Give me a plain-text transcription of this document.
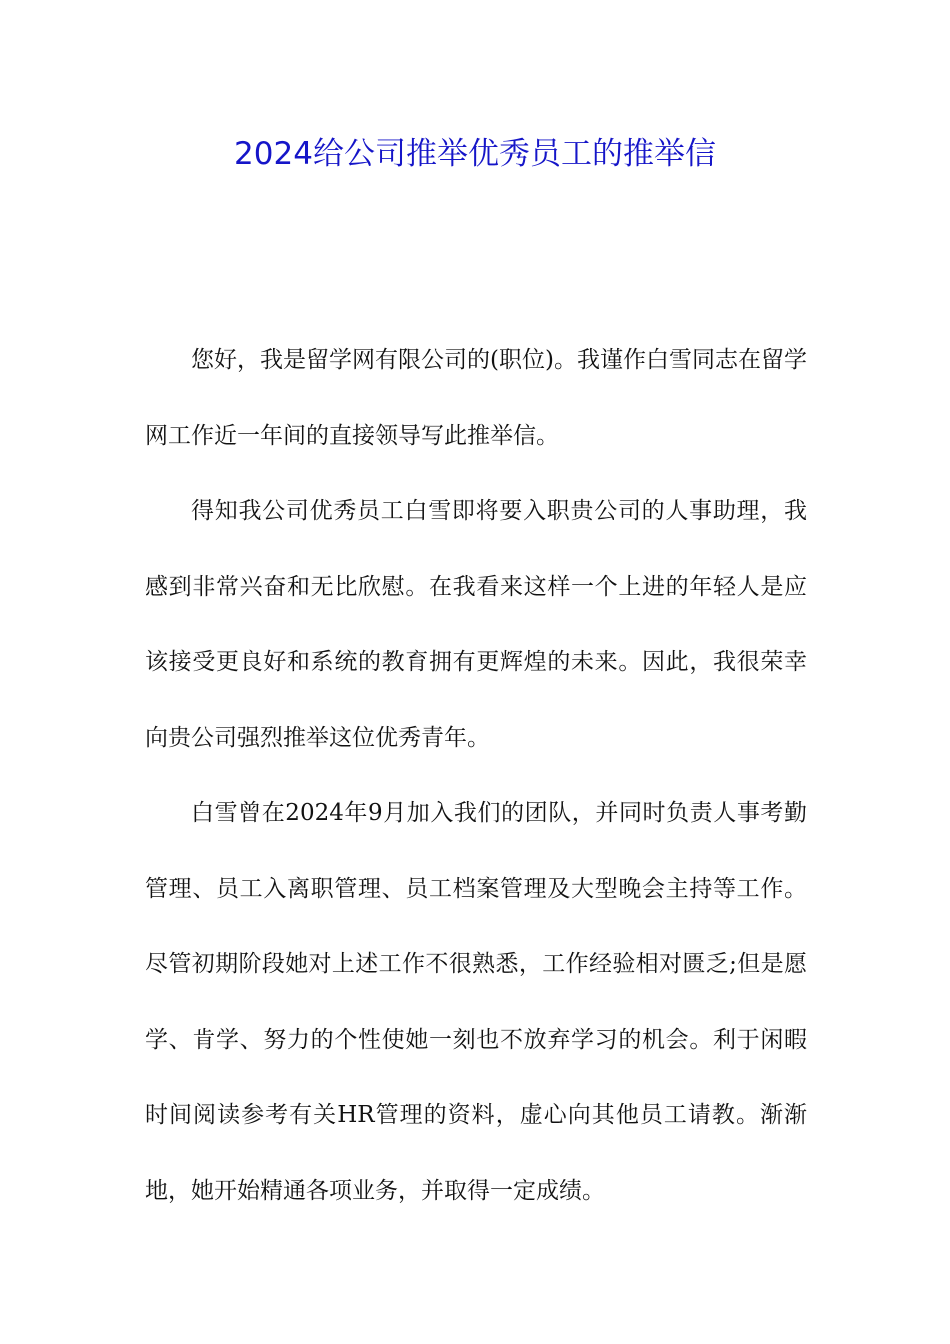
2024给公司推举优秀员工的推举信

您好，我是留学网有限公司的(职位)。我谨作白雪同志在留学网工作近一年间的直接领导写此推举信。

得知我公司优秀员工白雪即将要入职贵公司的人事助理，我感到非常兴奋和无比欣慰。在我看来这样一个上进的年轻人是应该接受更良好和系统的教育拥有更辉煌的未来。因此，我很荣幸向贵公司强烈推举这位优秀青年。

白雪曾在2024年9月加入我们的团队，并同时负责人事考勤管理、员工入离职管理、员工档案管理及大型晚会主持等工作。尽管初期阶段她对上述工作不很熟悉，工作经验相对匮乏;但是愿学、肯学、努力的个性使她一刻也不放弃学习的机会。利于闲暇时间阅读参考有关HR管理的资料，虚心向其他员工请教。渐渐地，她开始精通各项业务，并取得一定成绩。
